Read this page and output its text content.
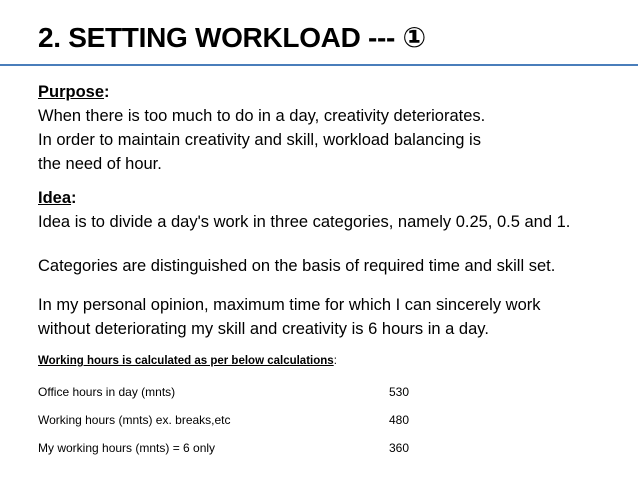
2. SETTING WORKLOAD --- ①
Purpose:
When there is too much to do in a day, creativity deteriorates.
In order to maintain creativity and skill, workload balancing is
the need of hour.
Idea:
Idea is to divide a day's work in three categories, namely 0.25, 0.5 and 1.
Categories are distinguished on the basis of required time and skill set.
In my personal opinion, maximum time for which I can sincerely work
without deteriorating my skill and creativity is 6 hours in a day.
Working hours is calculated as per below calculations:
Office hours in day (mnts)	530
Working hours (mnts) ex. breaks,etc	480
My working hours (mnts) = 6 only	360
